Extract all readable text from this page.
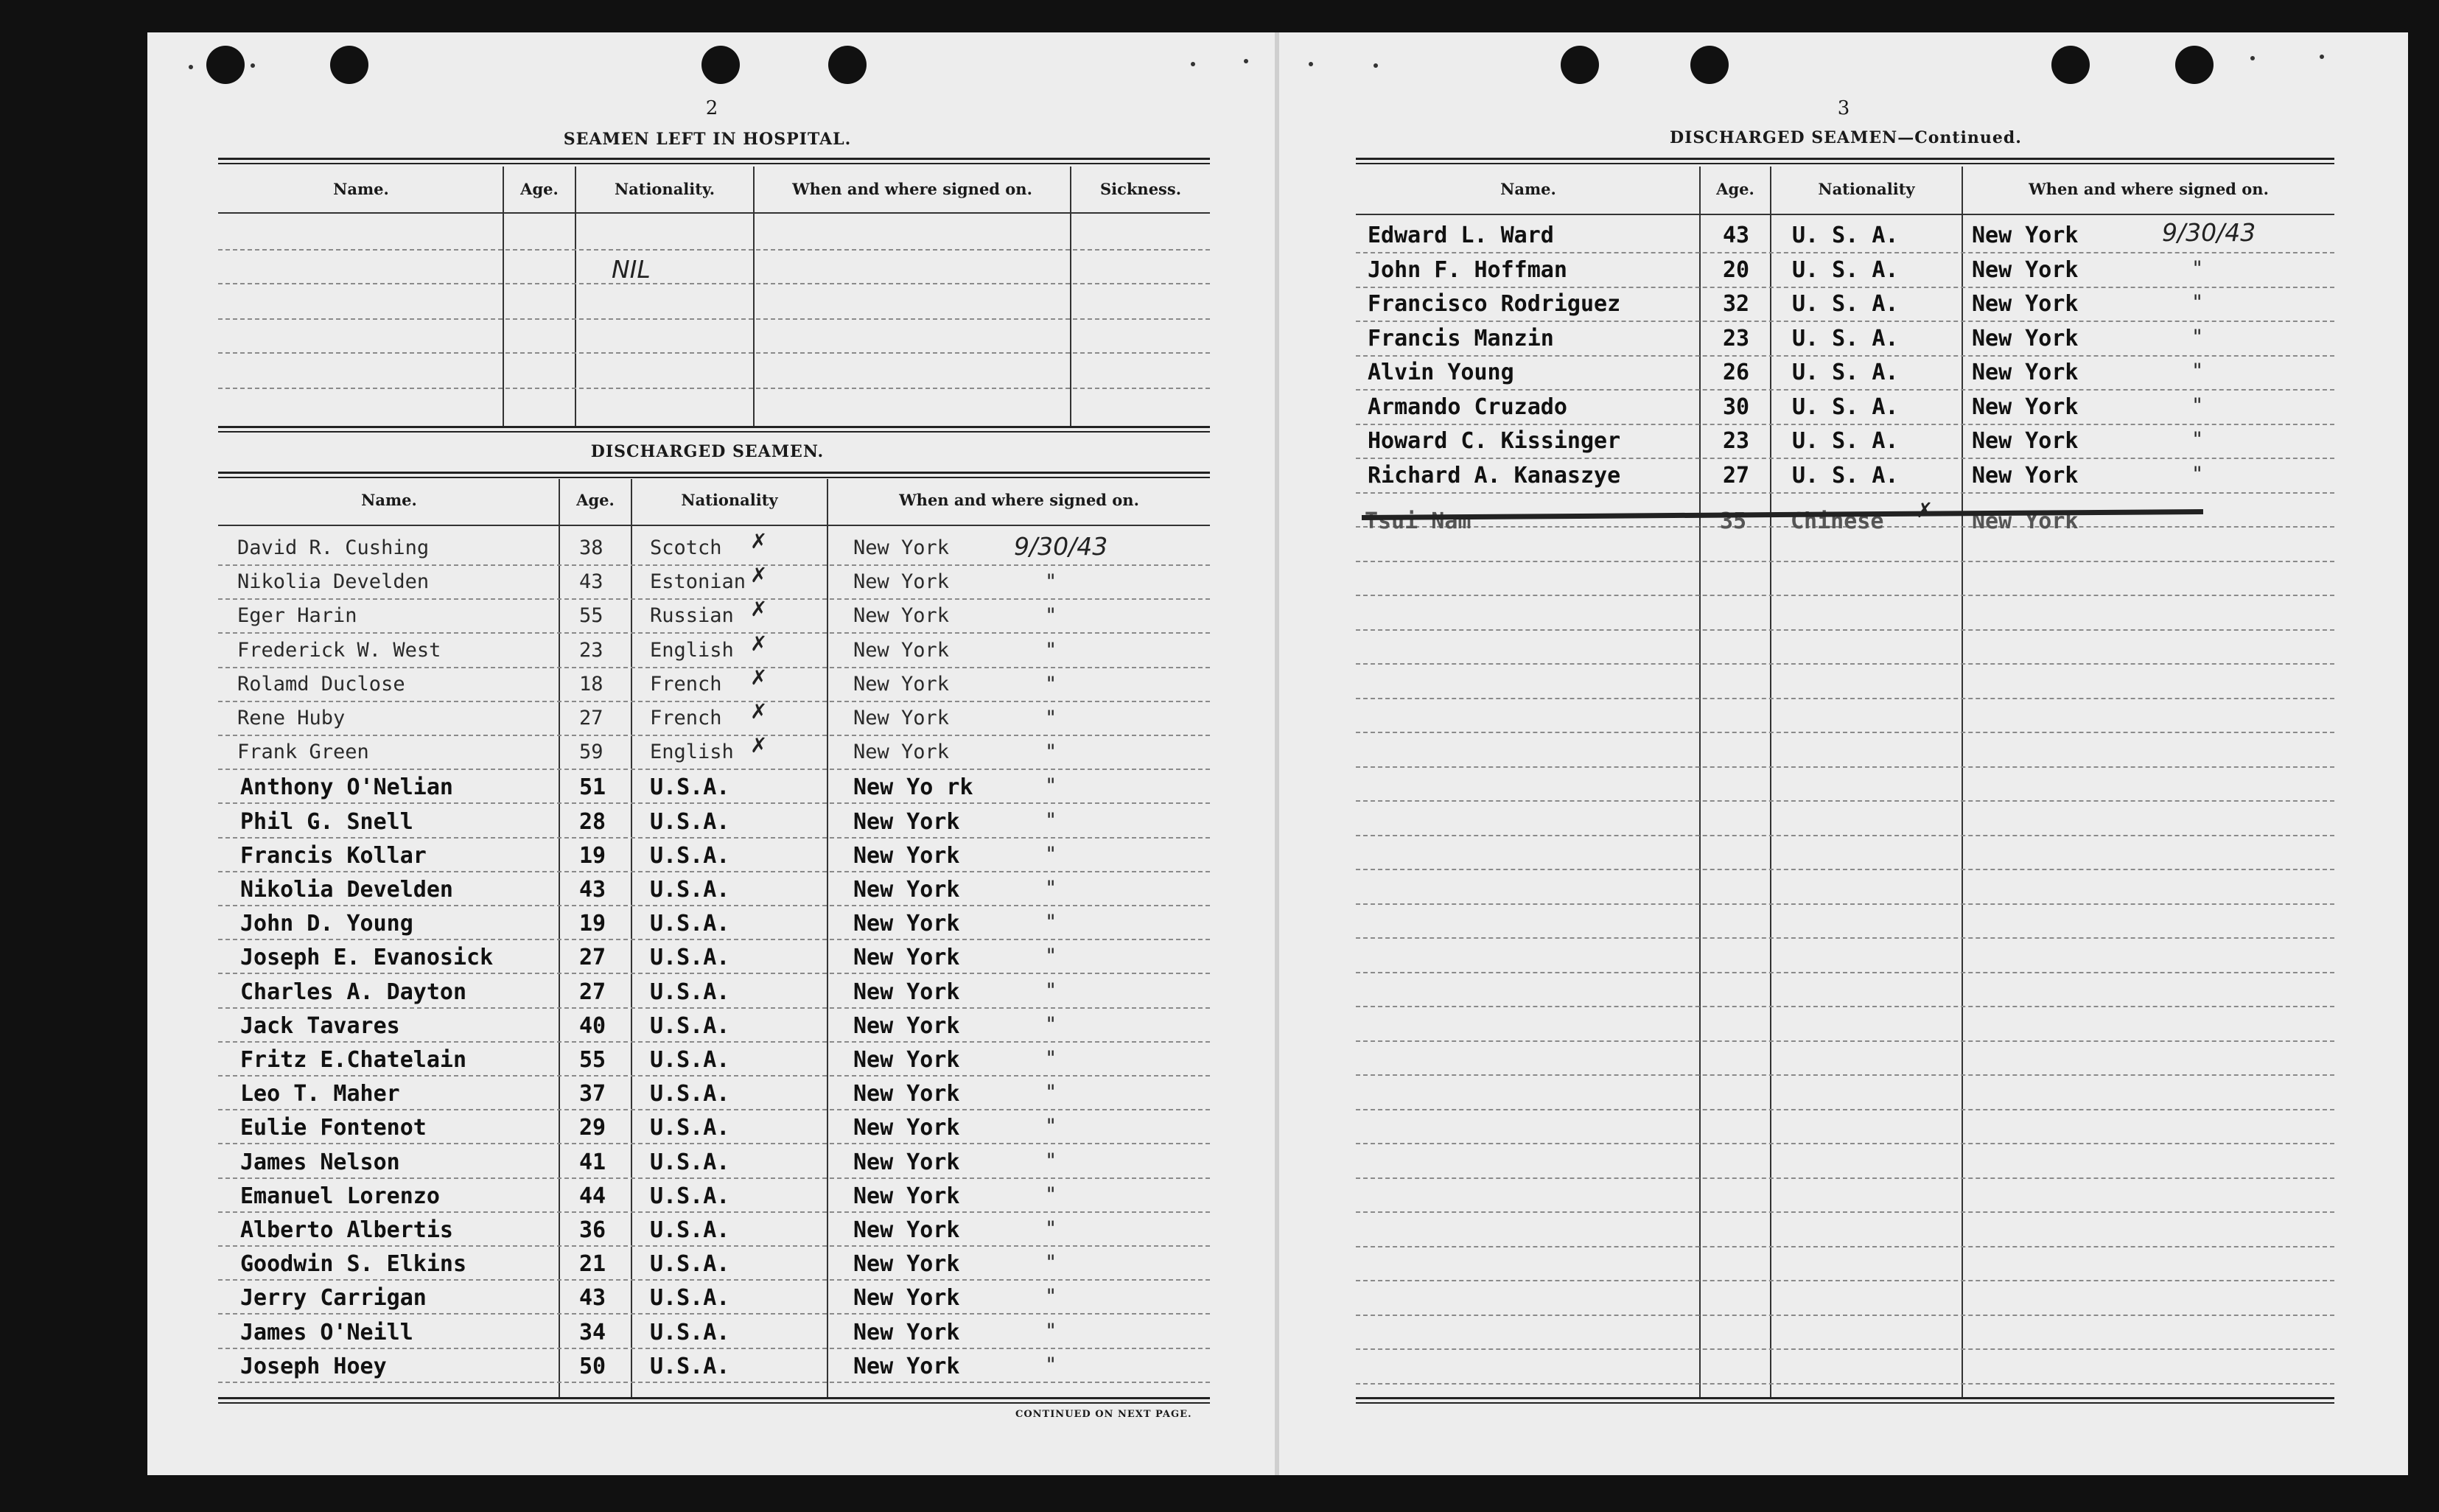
2
SEAMEN LEFT IN HOSPITAL.
Name.	Age.	Nationality.	When and where signed on.	Sickness.
NIL
DISCHARGED SEAMEN.
Name.	Age.	Nationality	When and where signed on.
David R. Cushing	38 Scotch ✗	New York	9/30/43
Nikolia Develden	43 Estonian ✗	New York	"
Eger Harin	55 Russian ✗	New York	"
Frederick W. West	23 English ✗	New York	"
Rolamd Duclose	18 French ✗	New York	"
Rene Huby	27 French ✗	New York	"
Frank Green	59 English ✗	New York	"
Anthony O'Nelian	51 U.S.A.	New Yo rk	"
Phil G. Snell	28 U.S.A.	New York	"
Francis Kollar	19 U.S.A.	New York	"
Nikolia Develden	43 U.S.A.	New York	"
John D. Young	19 U.S.A.	New York	"
Joseph E. Evanosick	27 U.S.A.	New York	"
Charles A. Dayton	27 U.S.A.	New York	"
Jack Tavares	40 U.S.A.	New York	"
Fritz E.Chatelain	55 U.S.A.	New York	"
Leo T. Maher	37 U.S.A.	New York	"
Eulie Fontenot	29 U.S.A.	New York	"
James Nelson	41 U.S.A.	New York	"
Emanuel Lorenzo	44 U.S.A.	New York	"
Alberto Albertis	36 U.S.A.	New York	"
Goodwin S. Elkins	21 U.S.A.	New York	"
Jerry Carrigan	43 U.S.A.	New York	"
James O'Neill	34 U.S.A.	New York	"
Joseph Hoey	50 U.S.A.	New York	"
CONTINUED ON NEXT PAGE.
3
DISCHARGED SEAMEN—Continued.
Name.	Age.	Nationality	When and where signed on.
Edward L. Ward	43 U. S. A.	New York	9/30/43
John F. Hoffman	20 U. S. A.	New York	"
Francisco Rodriguez	32 U. S. A.	New York	"
Francis Manzin	23 U. S. A.	New York	"
Alvin Young	26 U. S. A.	New York	"
Armando Cruzado	30 U. S. A.	New York	"
Howard C. Kissinger	23 U. S. A.	New York	"
Richard A. Kanaszye	27 U. S. A.	New York	"
Tsui Nam	35 Chinese ✗ New York
